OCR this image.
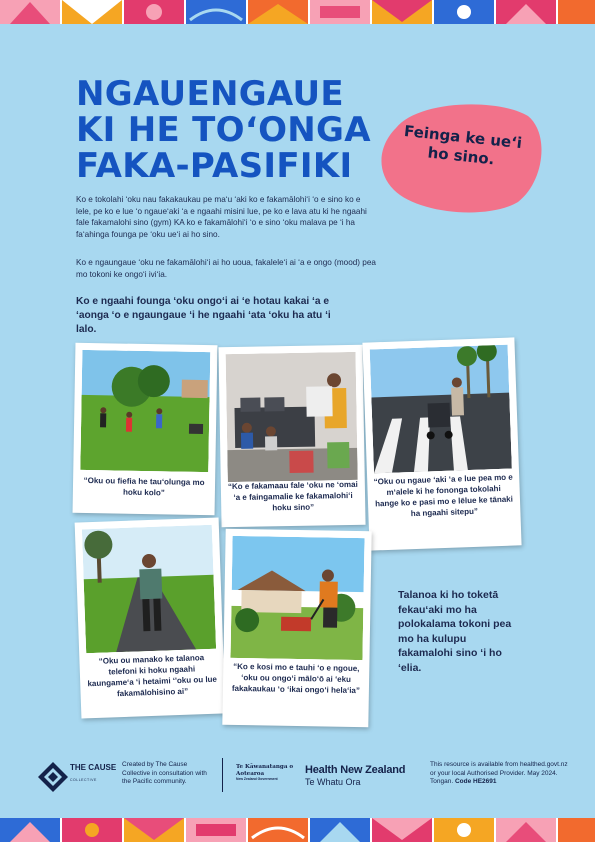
NGAUENGAUE
KI HE TOʻONGA
FAKA-PASIFIKI
Feinga ke ueʻi ho sino.

Ko e tokolahi ʻoku nau fakakaukau pe maʻu ʻaki ko e fakamālohiʻi ʻo e sino ko e lele, pe ko e lue ʻo ngaueʻaki ʻa e ngaahi misini lue, pe ko e lava atu ki he ngaahi fale fakamalohi sino (gym) KA ko e fakamālohiʻi ʻo e sino ʻoku malava pe ʻi ha faʻahinga founga pe ʻoku ueʻi ai ho sino.

Ko e ngaungaue ʻoku ne fakamālohiʻi ai ho uoua, fakaleleʻi ai ʻa e ongo (mood) pea mo tokoni ke ongoʻi iviʻia.

Ko e ngaahi founga ʻoku ongoʻi ai ʻe hotau kakai ʻa e ʻaonga ʻo e ngaungaue ʻi he ngaahi ʻata ʻoku ha atu ʻi lalo.

“Oku ou fiefia he tauʻolunga mo hoku kolo”
“Ko e fakamaau fale ʻoku ne ʻomai ʻa e faingamalie ke fakamalohiʻi hoku sino”
“Oku ou ngaue ʻaki ʻa e lue pea mo e mʻalele ki he fononga tokolahi hange ko e pasi mo e lēlue ke tānaki ha ngaahi sitepu”
“Oku ou manako ke talanoa telefoni ki hoku ngaahi kaungameʻa ʻi hetaimi ʻ'oku ou lue fakamālohisino ai”
“Ko e kosi mo e tauhi ʻo e ngoue, ʻoku ou ongoʻi māloʻō ai ʻeku fakakaukau ʻo ʻikai ongoʻi helaʻia”

Talanoa ki ho toketā fekauʻaki mo ha polokalama tokoni pea mo ha kulupu fakamalohi sino ʻi ho ʻelia.

THE CAUSE
COLLECTIVE
Created by The Cause Collective in consultation with the Pacific community.
Te Kāwanatanga o Aotearoa
New Zealand Government
Health New Zealand
Te Whatu Ora
This resource is available from healthed.govt.nz or your local Authorised Provider. May 2024. Tongan. Code HE2691
